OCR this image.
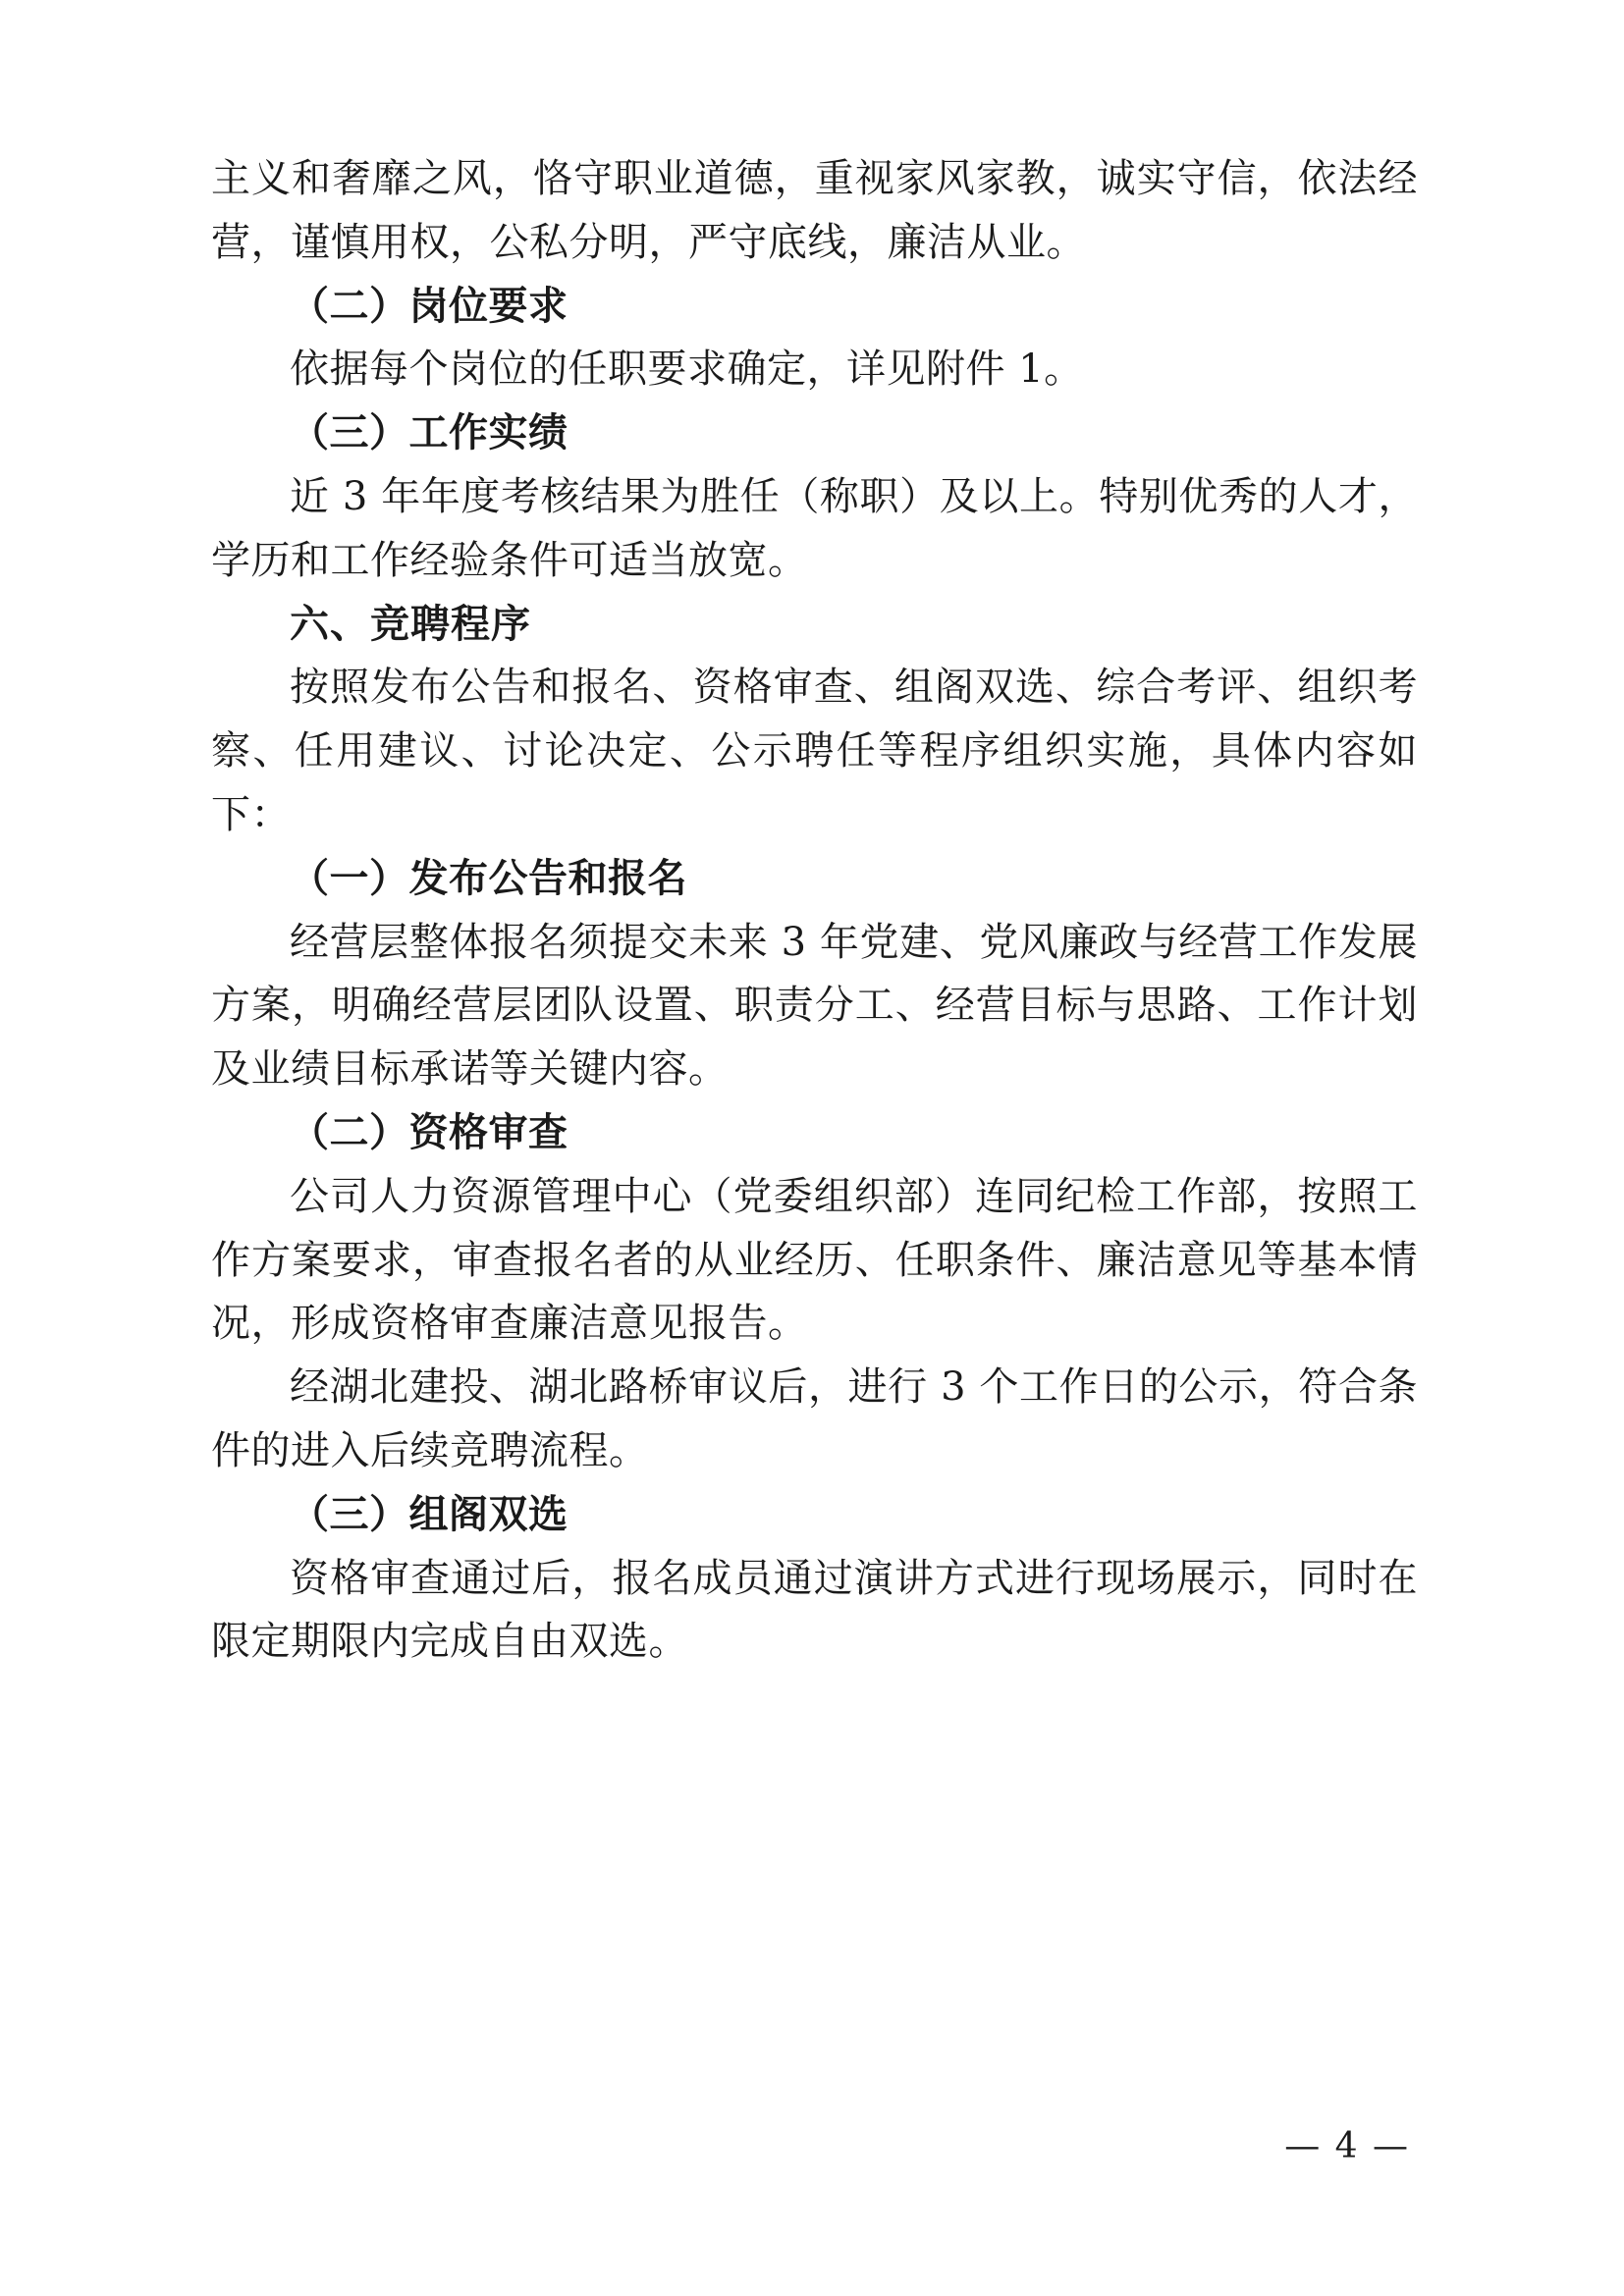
主义和奢靡之风，恪守职业道德，重视家风家教，诚实守信，依法经营，谨慎用权，公私分明，严守底线，廉洁从业。

（二）岗位要求

依据每个岗位的任职要求确定，详见附件 1。

（三）工作实绩

近 3 年年度考核结果为胜任（称职）及以上。特别优秀的人才，学历和工作经验条件可适当放宽。

六、竞聘程序

按照发布公告和报名、资格审查、组阁双选、综合考评、组织考察、任用建议、讨论决定、公示聘任等程序组织实施，具体内容如下：

（一）发布公告和报名

经营层整体报名须提交未来 3 年党建、党风廉政与经营工作发展方案，明确经营层团队设置、职责分工、经营目标与思路、工作计划及业绩目标承诺等关键内容。

（二）资格审查

公司人力资源管理中心（党委组织部）连同纪检工作部，按照工作方案要求，审查报名者的从业经历、任职条件、廉洁意见等基本情况，形成资格审查廉洁意见报告。

经湖北建投、湖北路桥审议后，进行 3 个工作日的公示，符合条件的进入后续竞聘流程。

（三）组阁双选

资格审查通过后，报名成员通过演讲方式进行现场展示，同时在限定期限内完成自由双选。

— 4 —
